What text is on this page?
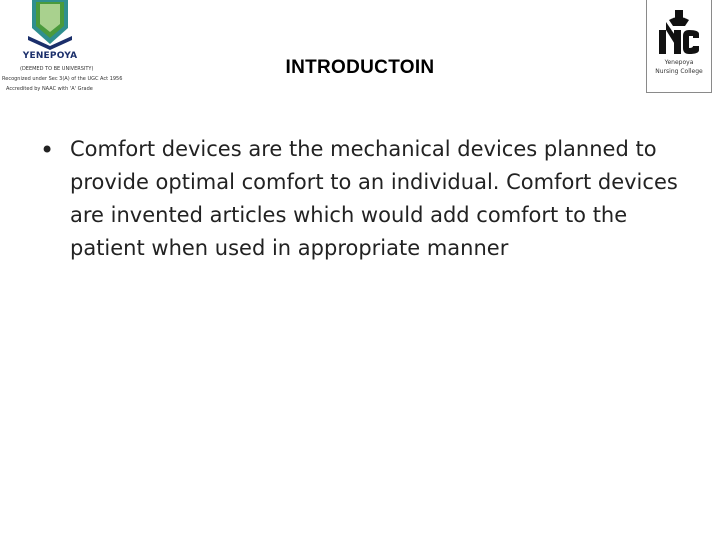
YENEPOYA
(DEEMED TO BE UNIVERSITY)
Recognized under Sec 3(A) of the UGC Act 1956
Accredited by NAAC with 'A' Grade
Yenepoya
Nursing College
INTRODUCTOIN
• Comfort devices are the mechanical devices planned to provide optimal comfort to an individual. Comfort devices are invented articles which would add comfort to the patient when used in appropriate manner
